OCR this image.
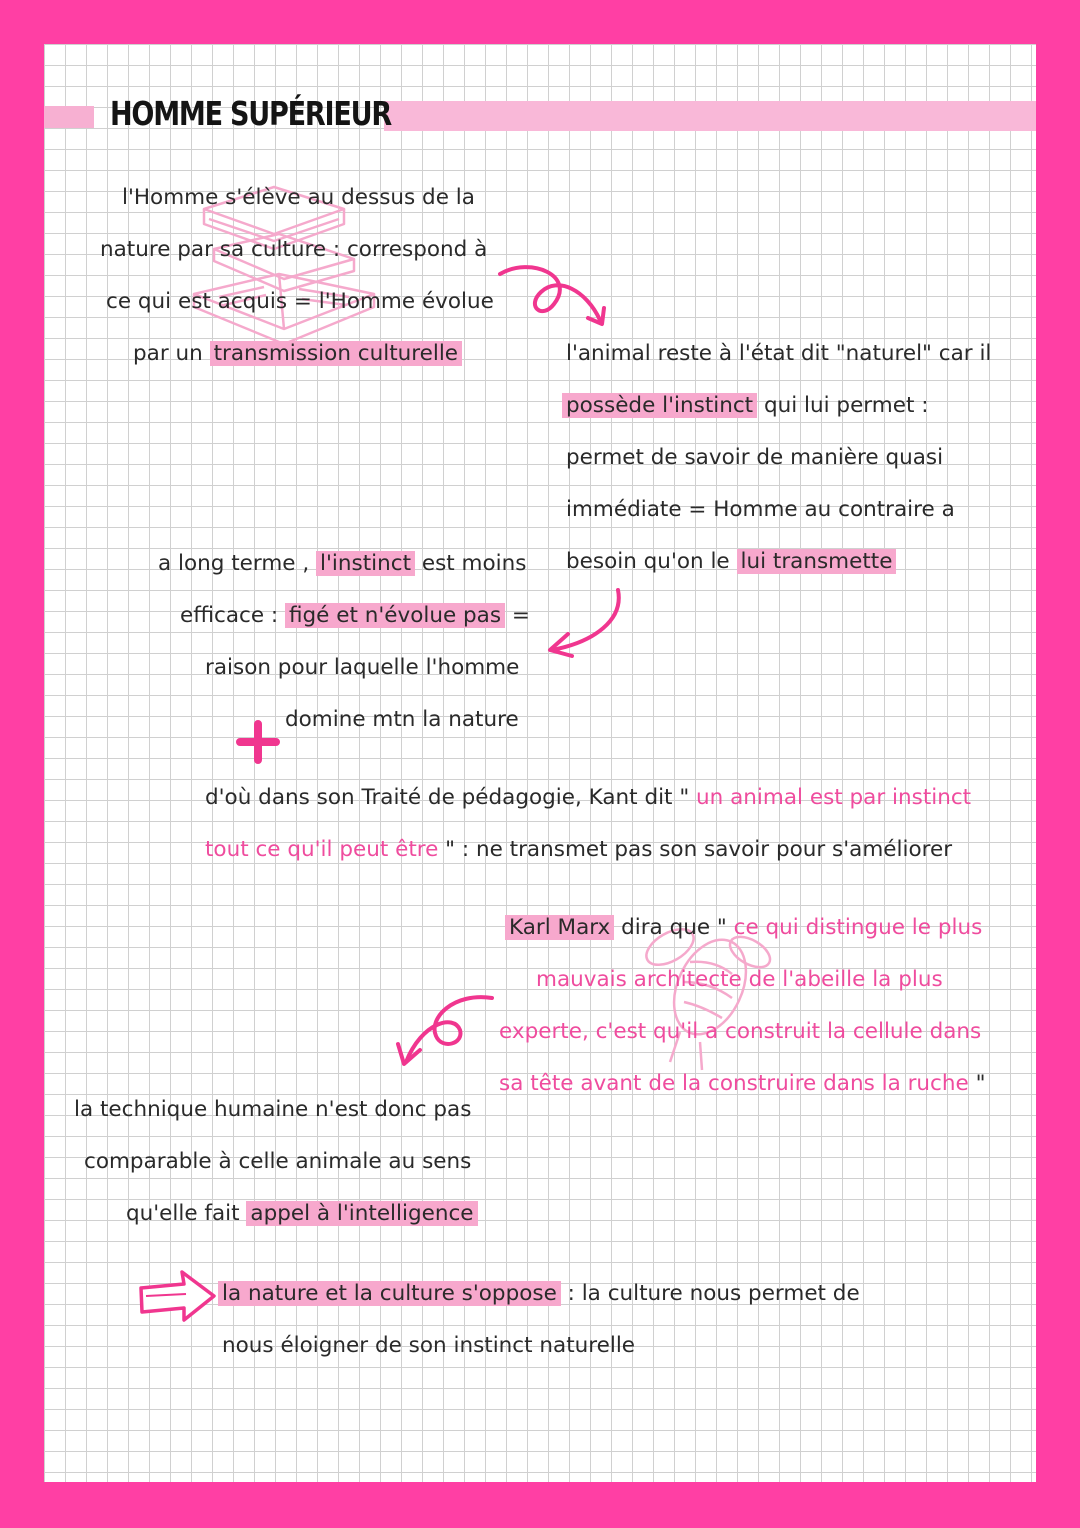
HOMME SUPÉRIEUR
l'Homme s'élève au dessus de la
nature par sa culture : correspond à
ce qui est acquis = l'Homme évolue
par un transmission culturelle	l'animal reste à l'état dit "naturel" car il
possède l'instinct qui lui permet :
permet de savoir de manière quasi
immédiate = Homme au contraire a
besoin qu'on le lui transmette
a long terme , l'instinct est moins
efficace : figé et n'évolue pas =
raison pour laquelle l'homme
domine mtn la nature
d'où dans son Traité de pédagogie, Kant dit " un animal est par instinct
tout ce qu'il peut être " : ne transmet pas son savoir pour s'améliorer
Karl Marx dira que " ce qui distingue le plus
mauvais architecte de l'abeille la plus
experte, c'est qu'il a construit la cellule dans
sa tête avant de la construire dans la ruche "
la technique humaine n'est donc pas
comparable à celle animale au sens
qu'elle fait appel à l'intelligence
la nature et la culture s'oppose : la culture nous permet de
nous éloigner de son instinct naturelle
